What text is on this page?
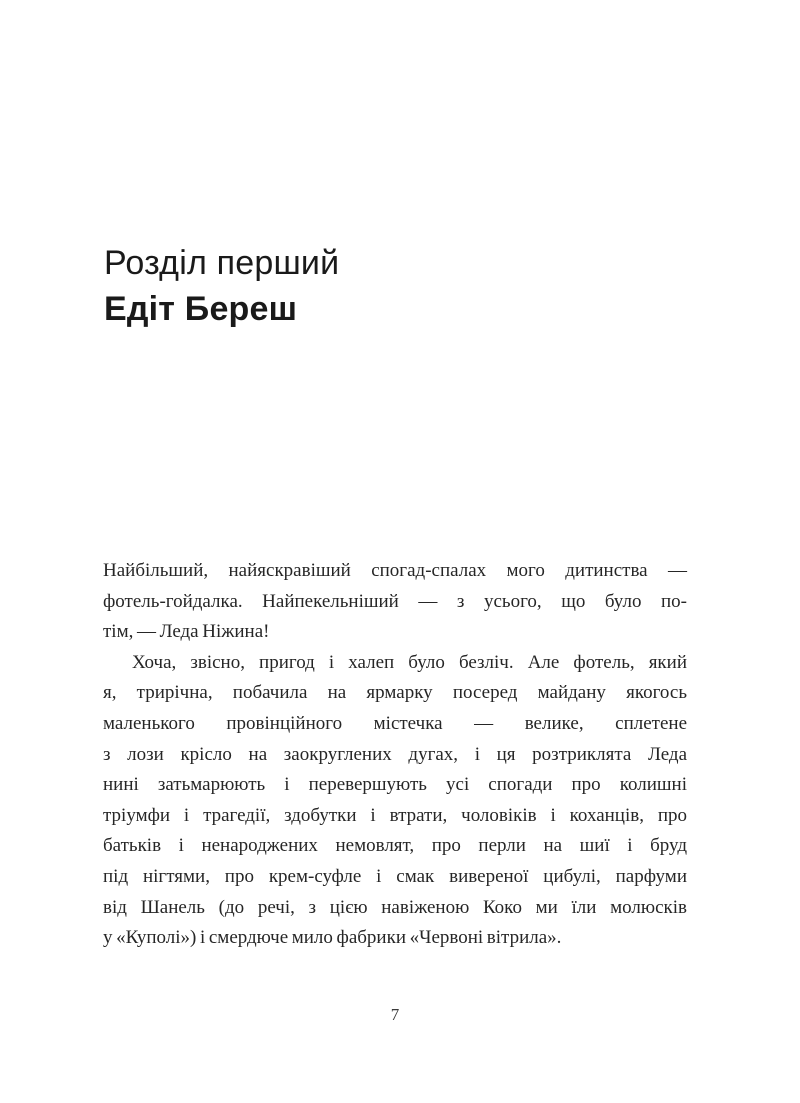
Розділ перший
Едіт Береш
Найбільший, найяскравіший спогад-спалах мого дитинства —
фотель-гойдалка. Найпекельніший — з усього, що було по-
тім, — Леда Ніжина!
Хоча, звісно, пригод і халеп було безліч. Але фотель, який
я, трирічна, побачила на ярмарку посеред майдану якогось
маленького провінційного містечка — велике, сплетене
з лози крісло на заокруглених дугах, і ця розтриклята Леда
нині затьмарюють і перевершують усі спогади про колишні
тріумфи і трагедії, здобутки і втрати, чоловіків і коханців, про
батьків і ненароджених немовлят, про перли на шиї і бруд
під нігтями, про крем-суфле і смак вивереної цибулі, парфуми
від Шанель (до речі, з цією навіженою Коко ми їли молюсків
у «Куполі») і смердюче мило фабрики «Червоні вітрила».
7
